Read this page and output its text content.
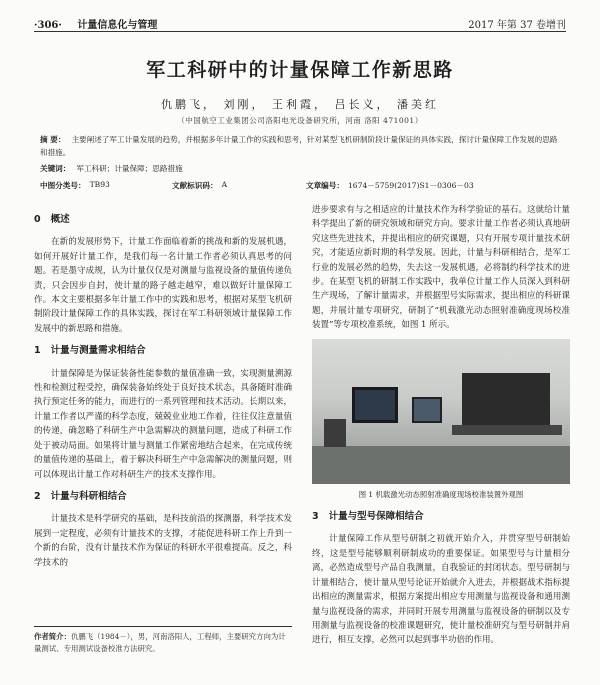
·306· 计量信息化与管理	2017 年第 37 卷增刊
军工科研中的计量保障工作新思路
仇鹏飞， 刘刚， 王利霞， 吕长义， 潘美红
（中国航空工业集团公司洛阳电光设备研究所，河南 洛阳 471001）
摘 要： 主要阐述了军工计量发展的趋势，并根据多年计量工作的实践和思考，针对某型飞机研制阶段计量保证的具体实践，探讨计量保障工作发展的思路和措施。
关键词： 军工科研；计量保障；思路措施
中图分类号： TB93	文献标识码： A	文章编号： 1674－5759(2017)S1－0306－03
0 概述

在新的发展形势下，计量工作面临着新的挑战和新的发展机遇，如何开展好计量工作，是我们每一名计量工作者必须认真思考的问题。若是墨守成规，认为计量仅仅是对测量与监视设备的量值传递负责，只会因步自封，使计量的路子越走越窄，难以做好计量保障工作。本文主要根据多年计量工作中的实践和思考，根据对某型飞机研制阶段计量保障工作的具体实践，探讨在军工科研领域计量保障工作发展中的新思路和措施。

1 计量与测量需求相结合

计量保障是为保证装备性能参数的量值准确一致，实现测量溯源性和检测过程受控，确保装备始终处于良好技术状态，具备随时准确执行预定任务的能力，而进行的一系列管理和技术活动。长期以来，计量工作者以严谨的科学态度，兢兢业业地工作着，往往仅注意量值的传递，确忽略了科研生产中急需解决的测量问题，造成了科研工作处于被动局面。如果将计量与测量工作紧密地结合起来，在完成传统的量值传递的基础上，着于解决科研生产中急需解决的测量问题，则可以体现出计量工作对科研生产的技术支撑作用。

2 计量与科研相结合

计量技术是科学研究的基础，是科技前沿的探测器，科学技术发展到一定程度，必须有计量技术的支撑，才能促进科研工作上升到一个新的台阶，没有计量技术作为保证的科研水平很难提高。反之，科学技术的

进步要求有与之相适应的计量技术作为科学验证的基石。这就给计量科学提出了新的研究领域和研究方向。要求计量工作者必须认真地研究这些先进技术，并提出相应的研究课题，只有开展专项计量技术研究，才能适应新时期的科学发展。因此，计量与科研相结合，是军工行业的发展必然的趋势，失去这一发展机遇，必将制约科学技术的进步。在某型飞机的研制工作实践中，我单位计量工作人员深入到科研生产现场，了解计量需求，并根据型号实际需求，提出相应的科研课题，并展计量专项研究，研制了“机载激光动态照射准确度现场校准装置”等专项校准系统，如图 1 所示。

图 1 机载激光动态照射准确度现场校准装置外观图
3 计量与型号保障相结合

计量保障工作从型号研制之初就开始介入，并贯穿型号研制始终，这是型号能够顺利研制成功的重要保证。如果型号与计量相分离，必然造成型号产品自我测量，自我验证的封闭状态。型号研制与计量相结合，使计量从型号论证开始就介入进去，并根据战术指标提出相应的测量需求，根据方案提出相应专用测量与监视设备和通用测量与监视设备的需求，并同时开展专用测量与监视设备的研制以及专用测量与监视设备的校准课题研究，使计量校准研究与型号研制并肩进行，相互支撑，必然可以起到事半功倍的作用。

作者简介：仇鹏飞（1984－），男，河南洛阳人，工程师，主要研究方向为计量测试、专用测试设备校准方法研究。
